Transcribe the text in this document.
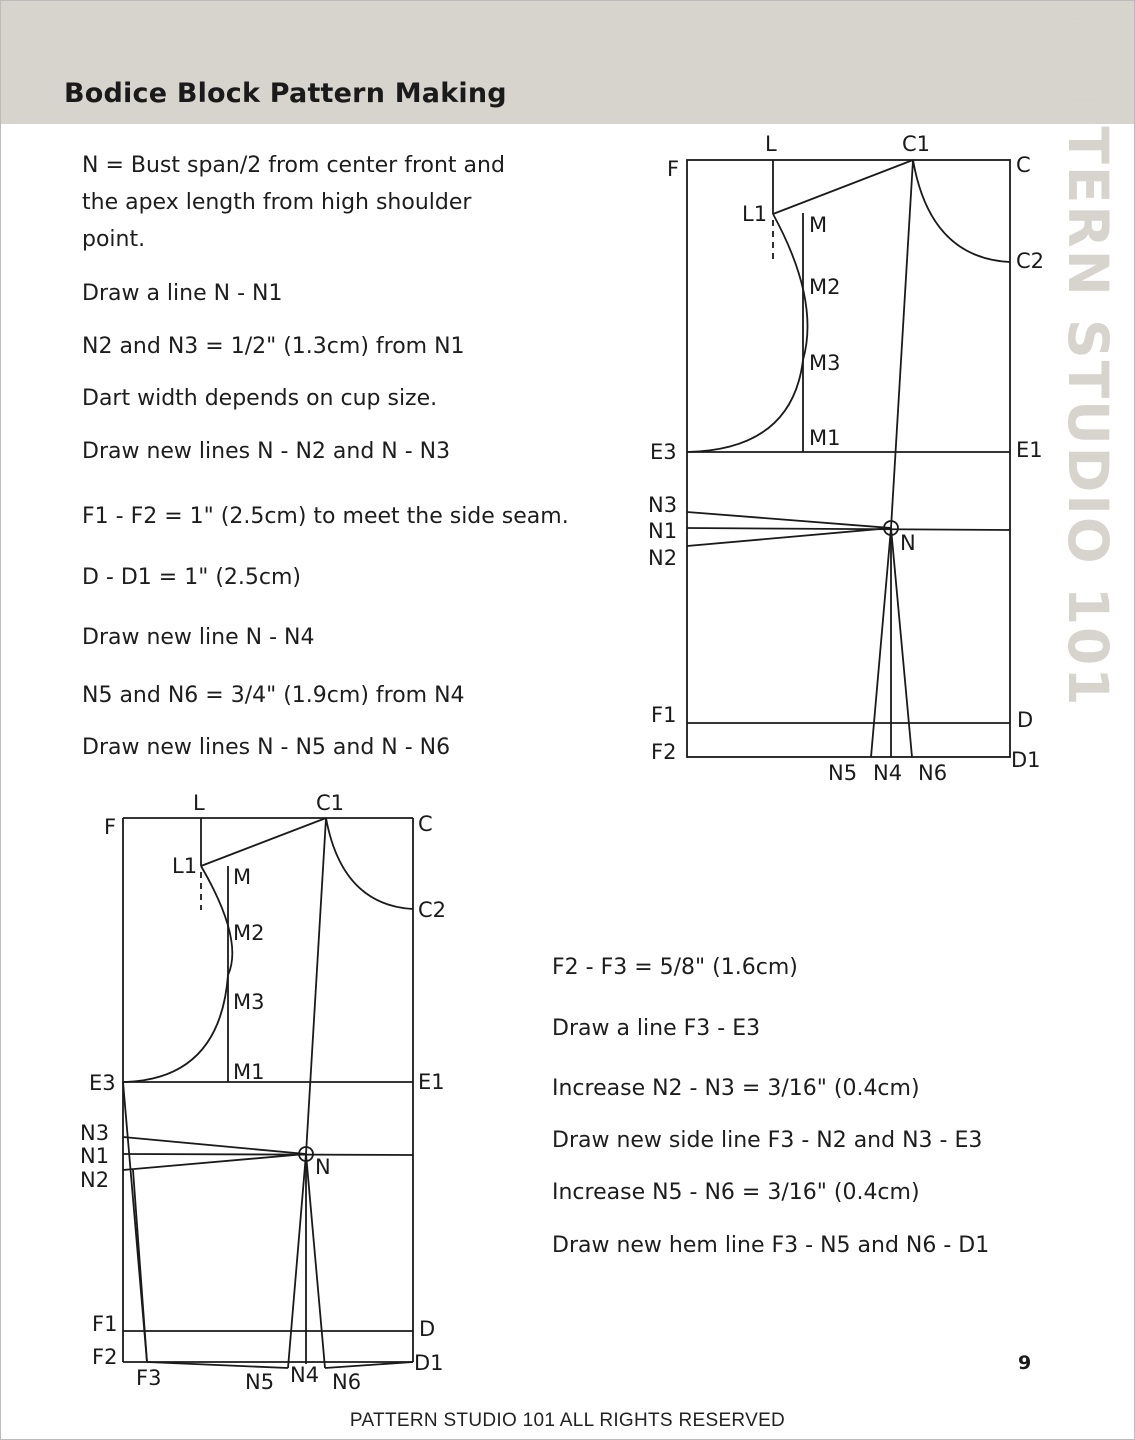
Bodice Block Pattern Making	PATTERN STUDIO 101
N = Bust span/2 from center front and
the apex length from high shoulder
point.
Draw a line N - N1
N2 and N3 = 1/2" (1.3cm) from N1
Dart width depends on cup size.
Draw new lines N - N2 and N - N3
F1 - F2 = 1" (2.5cm) to meet the side seam.
D - D1 = 1" (2.5cm)
Draw new line N - N4
N5 and N6 = 3/4" (1.9cm) from N4
Draw new lines N - N5 and N - N6
F2 - F3 = 5/8" (1.6cm)
Draw a line F3 - E3
Increase N2 - N3 = 3/16" (0.4cm)
Draw new side line F3 - N2 and N3 - E3
Increase N5 - N6 = 3/16" (0.4cm)
Draw new hem line F3 - N5 and N6 - D1
L	C1
F	C
L1 M
C2
M2
M3
M1
E3	E1
N3
N1	N
N2
F1	D
F2	D1
N5 N4 N6
L	C1
F	C
L1 M
C2
M2
M3
M1
E3	E1
N3
N1	N
N2
F1	D
F2	D1
F3	N5 N4 N6
9
PATTERN STUDIO 101 ALL RIGHTS RESERVED
